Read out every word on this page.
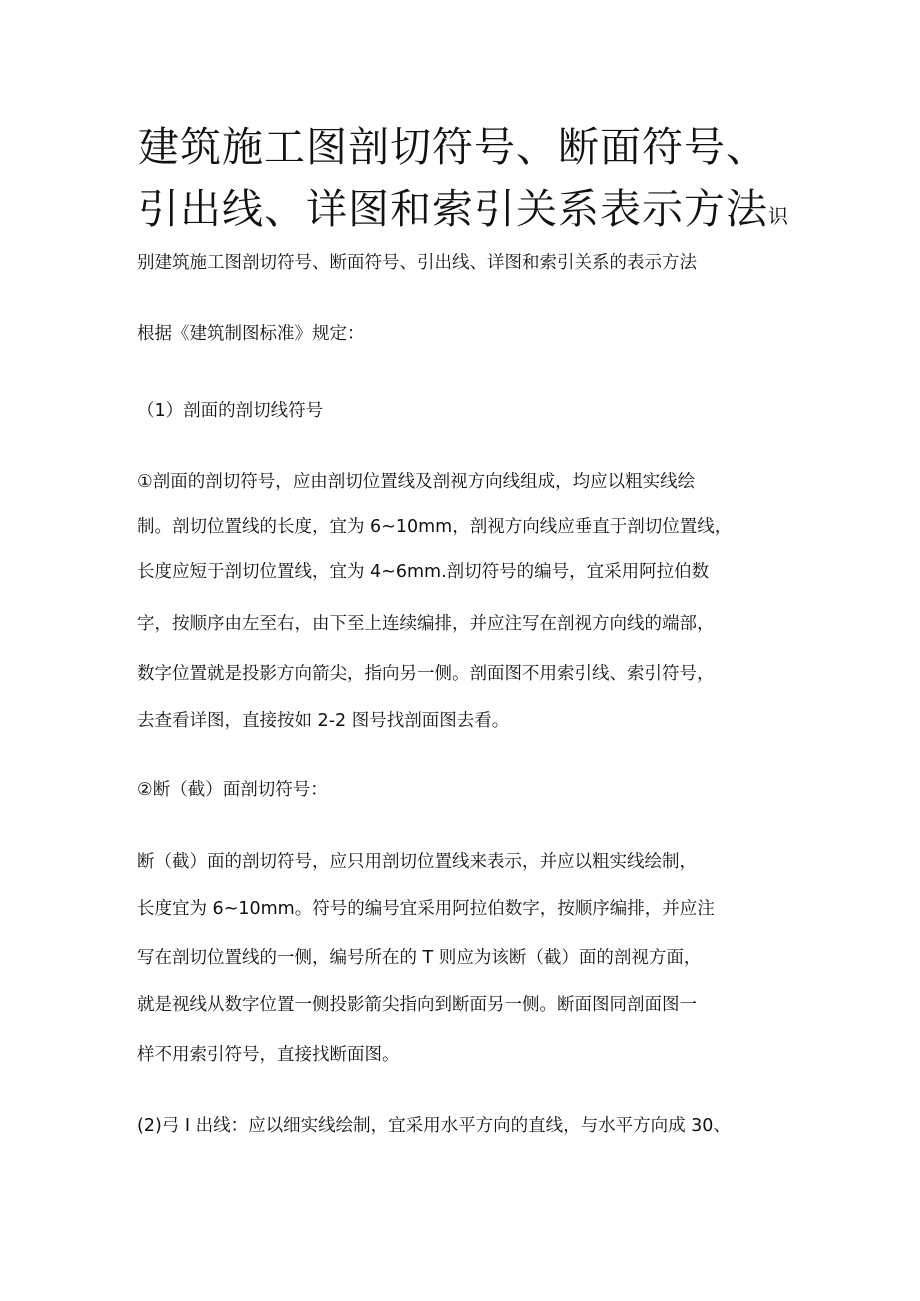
建筑施工图剖切符号、断面符号、
引出线、详图和索引关系表示方法识

别建筑施工图剖切符号、断面符号、引出线、详图和索引关系的表示方法

根据《建筑制图标准》规定：

（1）剖面的剖切线符号

①剖面的剖切符号，应由剖切位置线及剖视方向线组成，均应以粗实线绘

制。剖切位置线的长度，宜为 6~10mm，剖视方向线应垂直于剖切位置线，

长度应短于剖切位置线，宜为 4~6mm.剖切符号的编号，宜采用阿拉伯数

字，按顺序由左至右，由下至上连续编排，并应注写在剖视方向线的端部，

数字位置就是投影方向箭尖，指向另一侧。剖面图不用索引线、索引符号，

去查看详图，直接按如 2-2 图号找剖面图去看。

②断（截）面剖切符号：

断（截）面的剖切符号，应只用剖切位置线来表示，并应以粗实线绘制，

长度宜为 6~10mm。符号的编号宜采用阿拉伯数字，按顺序编排，并应注

写在剖切位置线的一侧，编号所在的 T 则应为该断（截）面的剖视方面，

就是视线从数字位置一侧投影箭尖指向到断面另一侧。断面图同剖面图一

样不用索引符号，直接找断面图。

(2)弓 I 出线：应以细实线绘制，宜采用水平方向的直线，与水平方向成 30、
